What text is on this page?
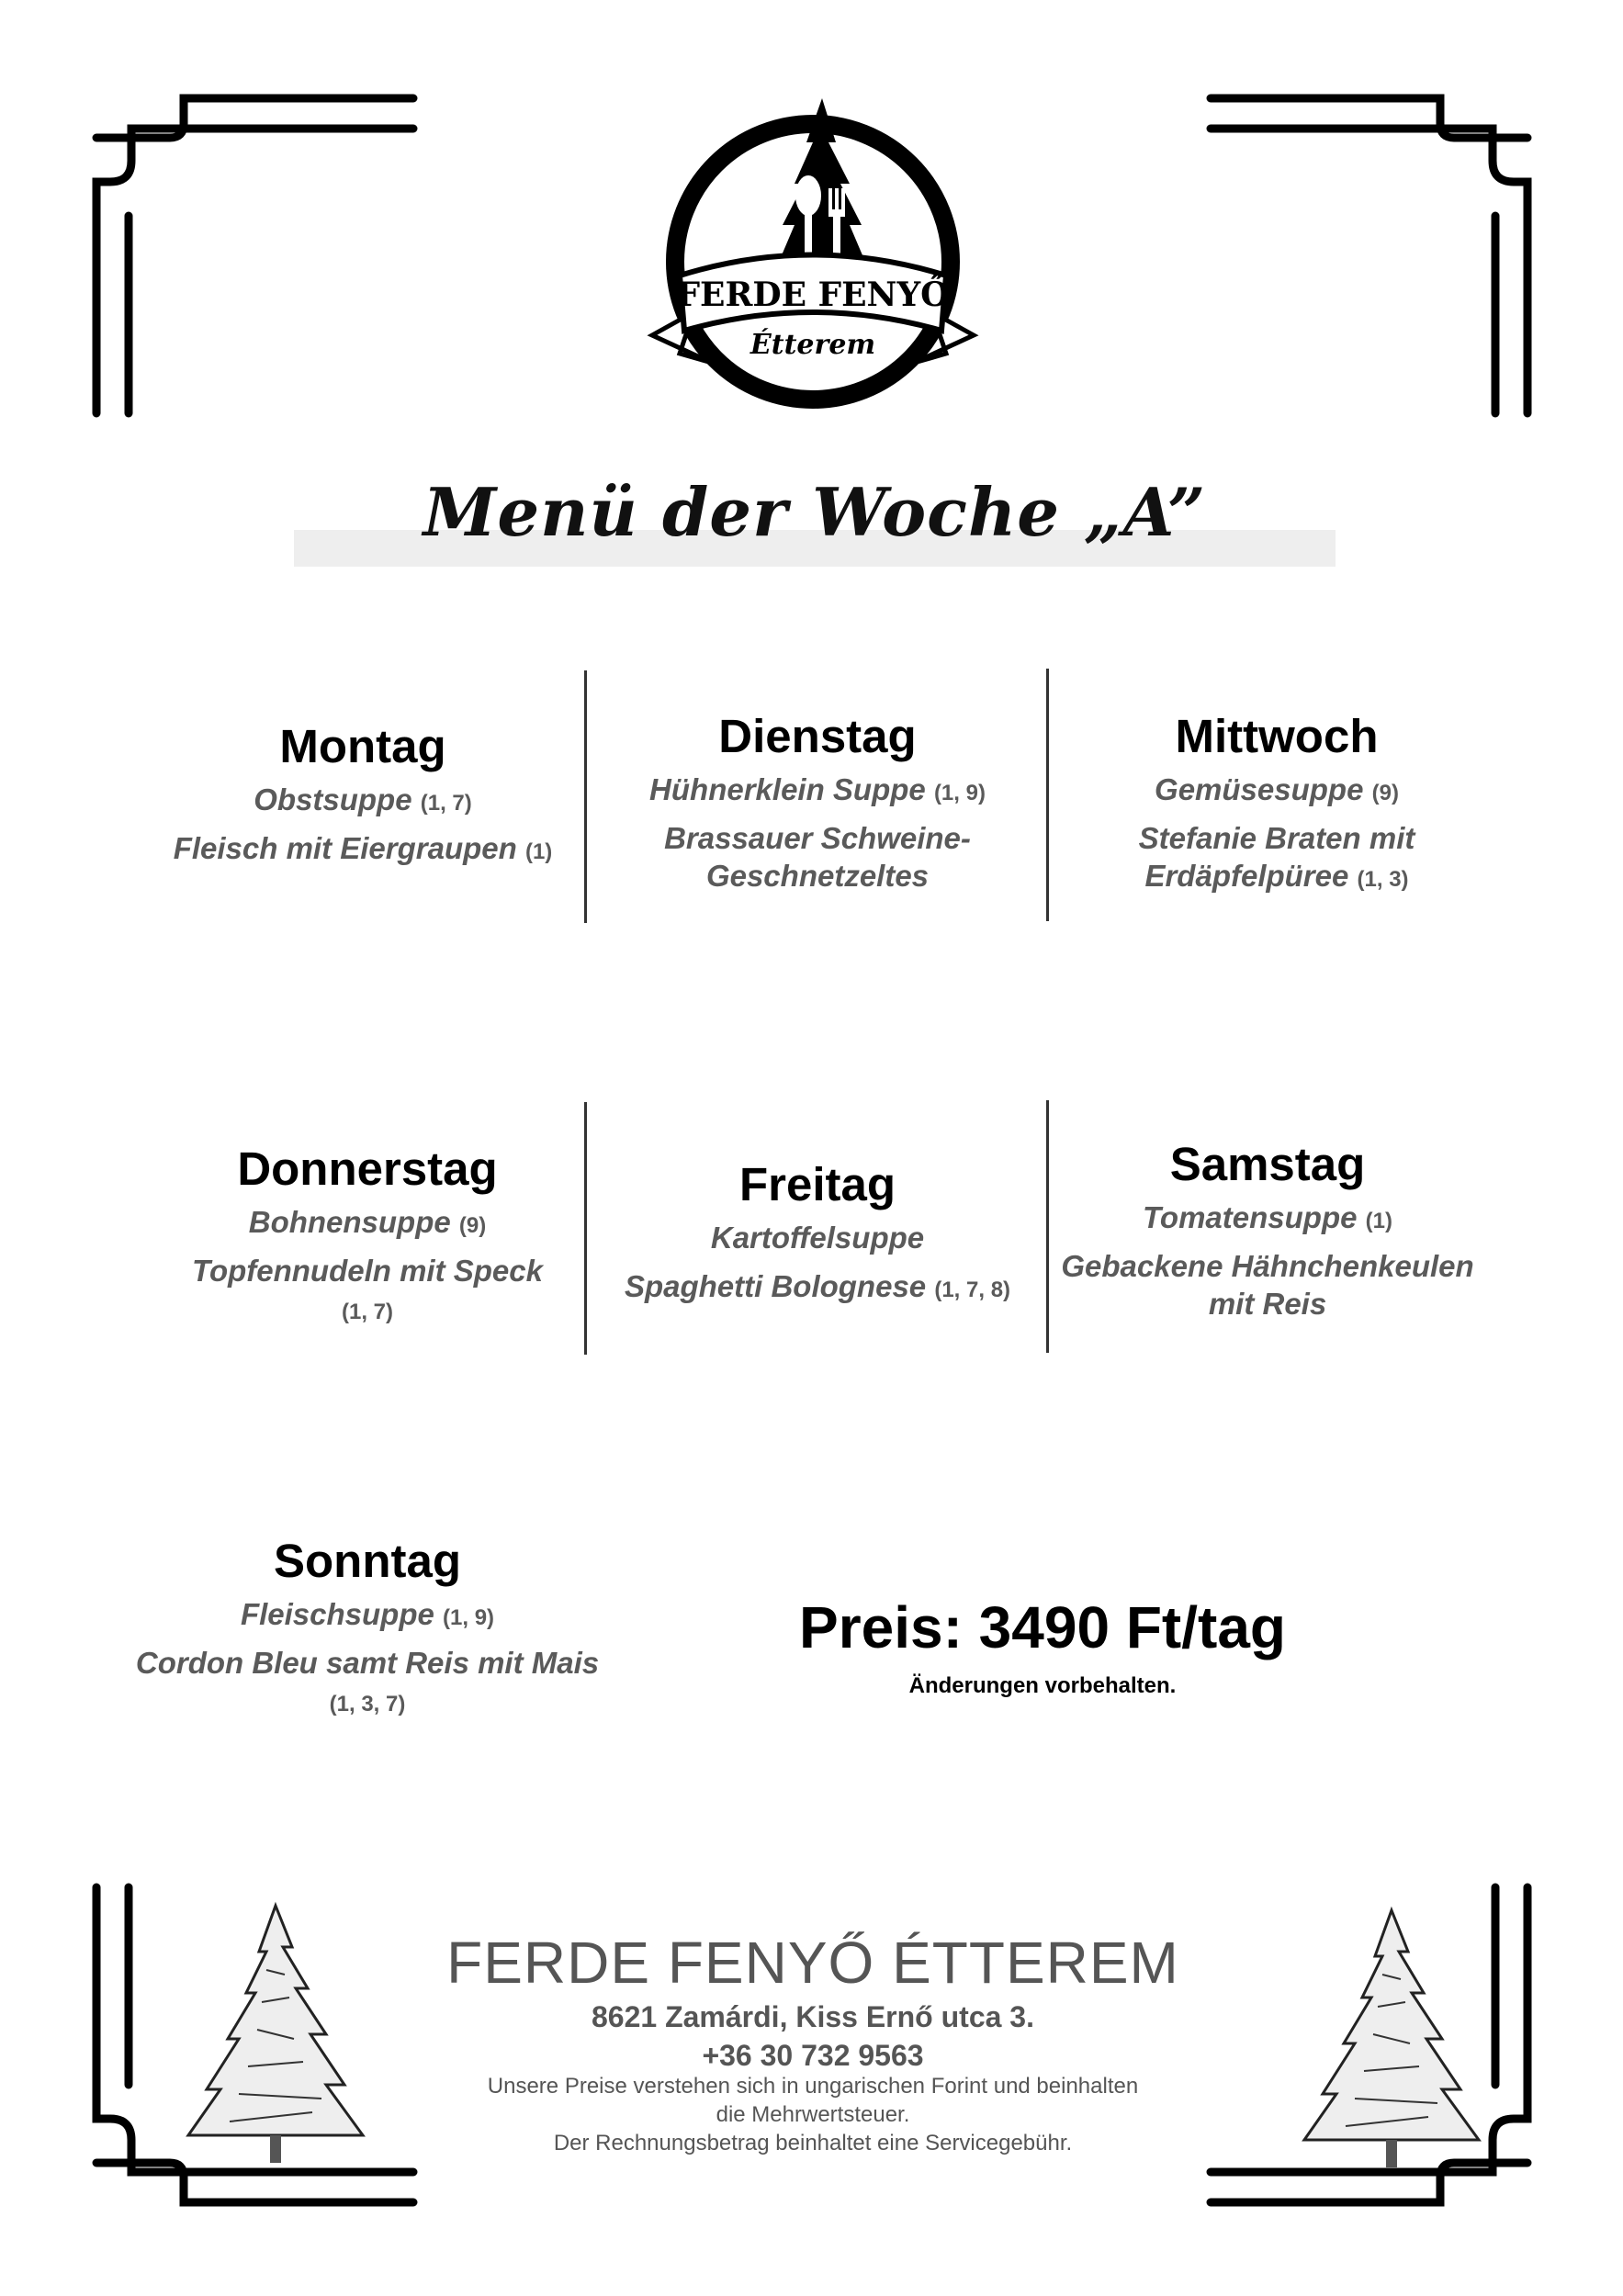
FERDE FENYŐ
Étterem
Menü der Woche „A”
Montag
Obstsuppe (1, 7)
Fleisch mit Eiergraupen (1)
Dienstag
Hühnerklein Suppe (1, 9)
Brassauer Schweine-Geschnetzeltes
Mittwoch
Gemüsesuppe (9)
Stefanie Braten mit Erdäpfelpüree (1, 3)
Donnerstag
Bohnensuppe (9)
Topfennudeln mit Speck
(1, 7)
Freitag
Kartoffelsuppe
Spaghetti Bolognese (1, 7, 8)
Samstag
Tomatensuppe (1)
Gebackene Hähnchenkeulen mit Reis
Sonntag
Fleischsuppe (1, 9)
Cordon Bleu samt Reis mit Mais
(1, 3, 7)
Preis: 3490 Ft/tag
Änderungen vorbehalten.
FERDE FENYŐ ÉTTEREM
8621 Zamárdi, Kiss Ernő utca 3.
+36 30 732 9563
Unsere Preise verstehen sich in ungarischen Forint und beinhalten
die Mehrwertsteuer.
Der Rechnungsbetrag beinhaltet eine Servicegebühr.
